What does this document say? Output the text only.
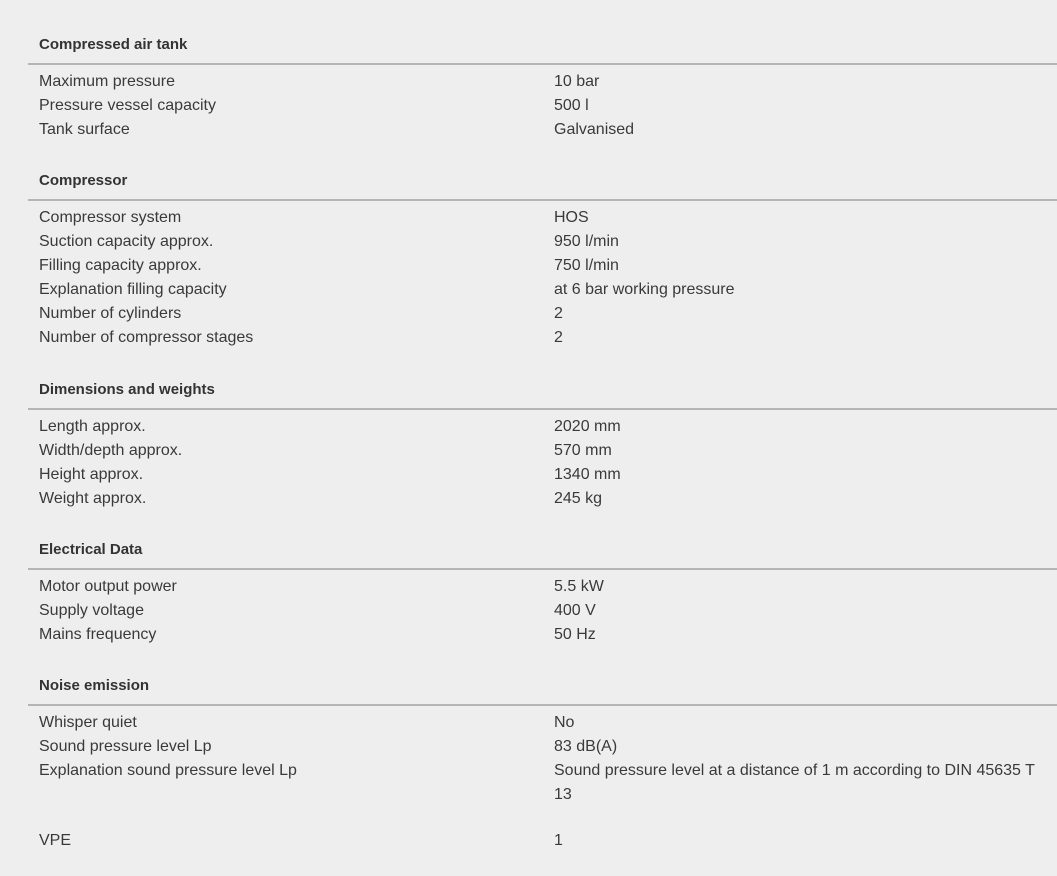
Compressed air tank
Maximum pressure	10 bar
Pressure vessel capacity	500 l
Tank surface	Galvanised
Compressor
Compressor system	HOS
Suction capacity approx.	950 l/min
Filling capacity approx.	750 l/min
Explanation filling capacity	at 6 bar working pressure
Number of cylinders	2
Number of compressor stages	2
Dimensions and weights
Length approx.	2020 mm
Width/depth approx.	570 mm
Height approx.	1340 mm
Weight approx.	245 kg
Electrical Data
Motor output power	5.5 kW
Supply voltage	400 V
Mains frequency	50 Hz
Noise emission
Whisper quiet	No
Sound pressure level Lp	83 dB(A)
Explanation sound pressure level Lp	Sound pressure level at a distance of 1 m according to DIN 45635 T 13
VPE	1
